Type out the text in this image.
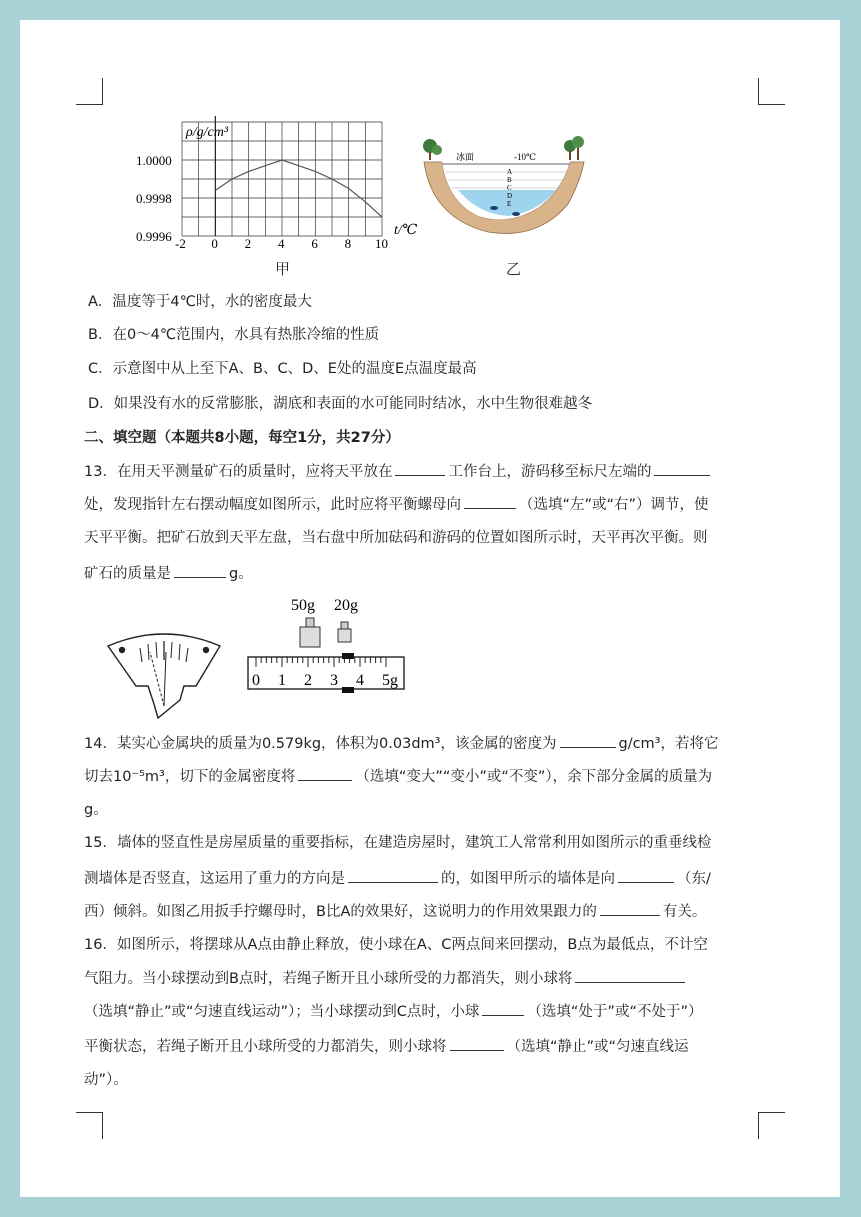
-2 0 2 4 6 8 10
0.9996
0.9998
1.0000
ρ/g/cm³
t/℃
甲
冰面	-10℃
A
B
C
D
E
乙
A．温度等于4℃时，水的密度最大
B．在0～4℃范围内，水具有热胀冷缩的性质
C．示意图中从上至下A、B、C、D、E处的温度E点温度最高
D．如果没有水的反常膨胀，湖底和表面的水可能同时结冰，水中生物很难越冬
二、填空题（本题共8小题，每空1分，共27分）
13．在用天平测量矿石的质量时，应将天平放在	工作台上，游码移至标尺左端的
处，发现指针左右摆动幅度如图所示，此时应将平衡螺母向	（选填“左”或“右”）调节，使
天平平衡。把矿石放到天平左盘，当右盘中所加砝码和游码的位置如图所示时，天平再次平衡。则
矿石的质量是	g。
50g 20g
0 1 2 3 4 5g
14．某实心金属块的质量为0.579kg，体积为0.03dm³，该金属的密度为	g/cm³，若将它
切去10⁻⁵m³，切下的金属密度将	（选填“变大”“变小”或“不变”），余下部分金属的质量为
g。
15．墙体的竖直性是房屋质量的重要指标，在建造房屋时，建筑工人常常利用如图所示的重垂线检
测墙体是否竖直，这运用了重力的方向是	的，如图甲所示的墙体是向	（东/
西）倾斜。如图乙用扳手拧螺母时，B比A的效果好，这说明力的作用效果跟力的	有关。
16．如图所示，将摆球从A点由静止释放，使小球在A、C两点间来回摆动，B点为最低点，不计空
气阻力。当小球摆动到B点时，若绳子断开且小球所受的力都消失，则小球将
（选填“静止”或“匀速直线运动”）；当小球摆动到C点时，小球	（选填“处于”或“不处于”）
平衡状态，若绳子断开且小球所受的力都消失，则小球将	（选填“静止”或“匀速直线运
动”）。
